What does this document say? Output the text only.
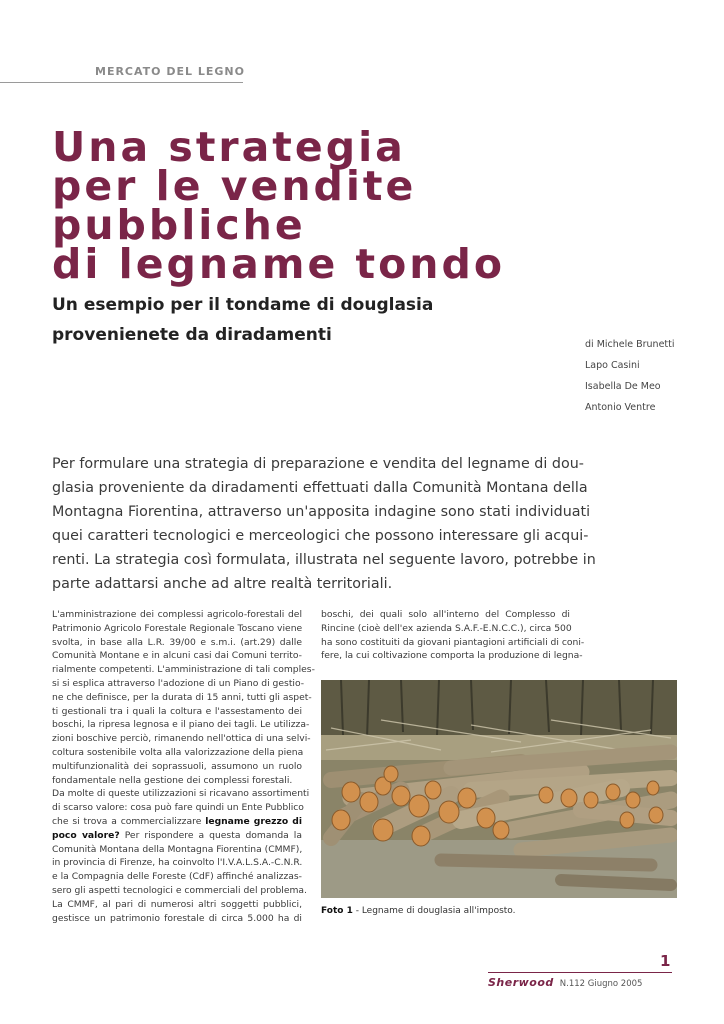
MERCATO DEL LEGNO
Una strategia
per le vendite
pubbliche
di legname tondo
Un esempio per il tondame di douglasia
provenienete da diradamenti	di Michele Brunetti
Lapo Casini
Isabella De Meo
Antonio Ventre

Per formulare una strategia di preparazione e vendita del legname di dou-
glasia proveniente da diradamenti effettuati dalla Comunità Montana della
Montagna Fiorentina, attraverso un'apposita indagine sono stati individuati
quei caratteri tecnologici e merceologici che possono interessare gli acqui-
renti. La strategia così formulata, illustrata nel seguente lavoro, potrebbe in
parte adattarsi anche ad altre realtà territoriali.

L'amministrazione dei complessi agricolo-forestali del
Patrimonio Agricolo Forestale Regionale Toscano viene
svolta, in base alla L.R. 39/00 e s.m.i. (art.29) dalle
Comunità Montane e in alcuni casi dai Comuni territo-
rialmente competenti. L'amministrazione di tali comples-
si si esplica attraverso l'adozione di un Piano di gestio-
ne che definisce, per la durata di 15 anni, tutti gli aspet-
ti gestionali tra i quali la coltura e l'assestamento dei
boschi, la ripresa legnosa e il piano dei tagli. Le utilizza-
zioni boschive perciò, rimanendo nell'ottica di una selvi-
coltura sostenibile volta alla valorizzazione della piena
multifunzionalità dei soprassuoli, assumono un ruolo
fondamentale nella gestione dei complessi forestali.
Da molte di queste utilizzazioni si ricavano assortimenti
di scarso valore: cosa può fare quindi un Ente Pubblico
che si trova a commercializzare legname grezzo di
poco valore? Per rispondere a questa domanda la
Comunità Montana della Montagna Fiorentina (CMMF),
in provincia di Firenze, ha coinvolto l'I.V.A.L.S.A.-C.N.R.
e la Compagnia delle Foreste (CdF) affinché analizzas-
sero gli aspetti tecnologici e commerciali del problema.
La CMMF, al pari di numerosi altri soggetti pubblici,
gestisce un patrimonio forestale di circa 5.000 ha di
boschi, dei quali solo all'interno del Complesso di
Rincine (cioè dell'ex azienda S.A.F.-E.N.C.C.), circa 500
ha sono costituiti da giovani piantagioni artificiali di coni-
fere, la cui coltivazione comporta la produzione di legna-
Foto 1 - Legname di douglasia all'imposto.
1
Sherwood N.112 Giugno 2005
